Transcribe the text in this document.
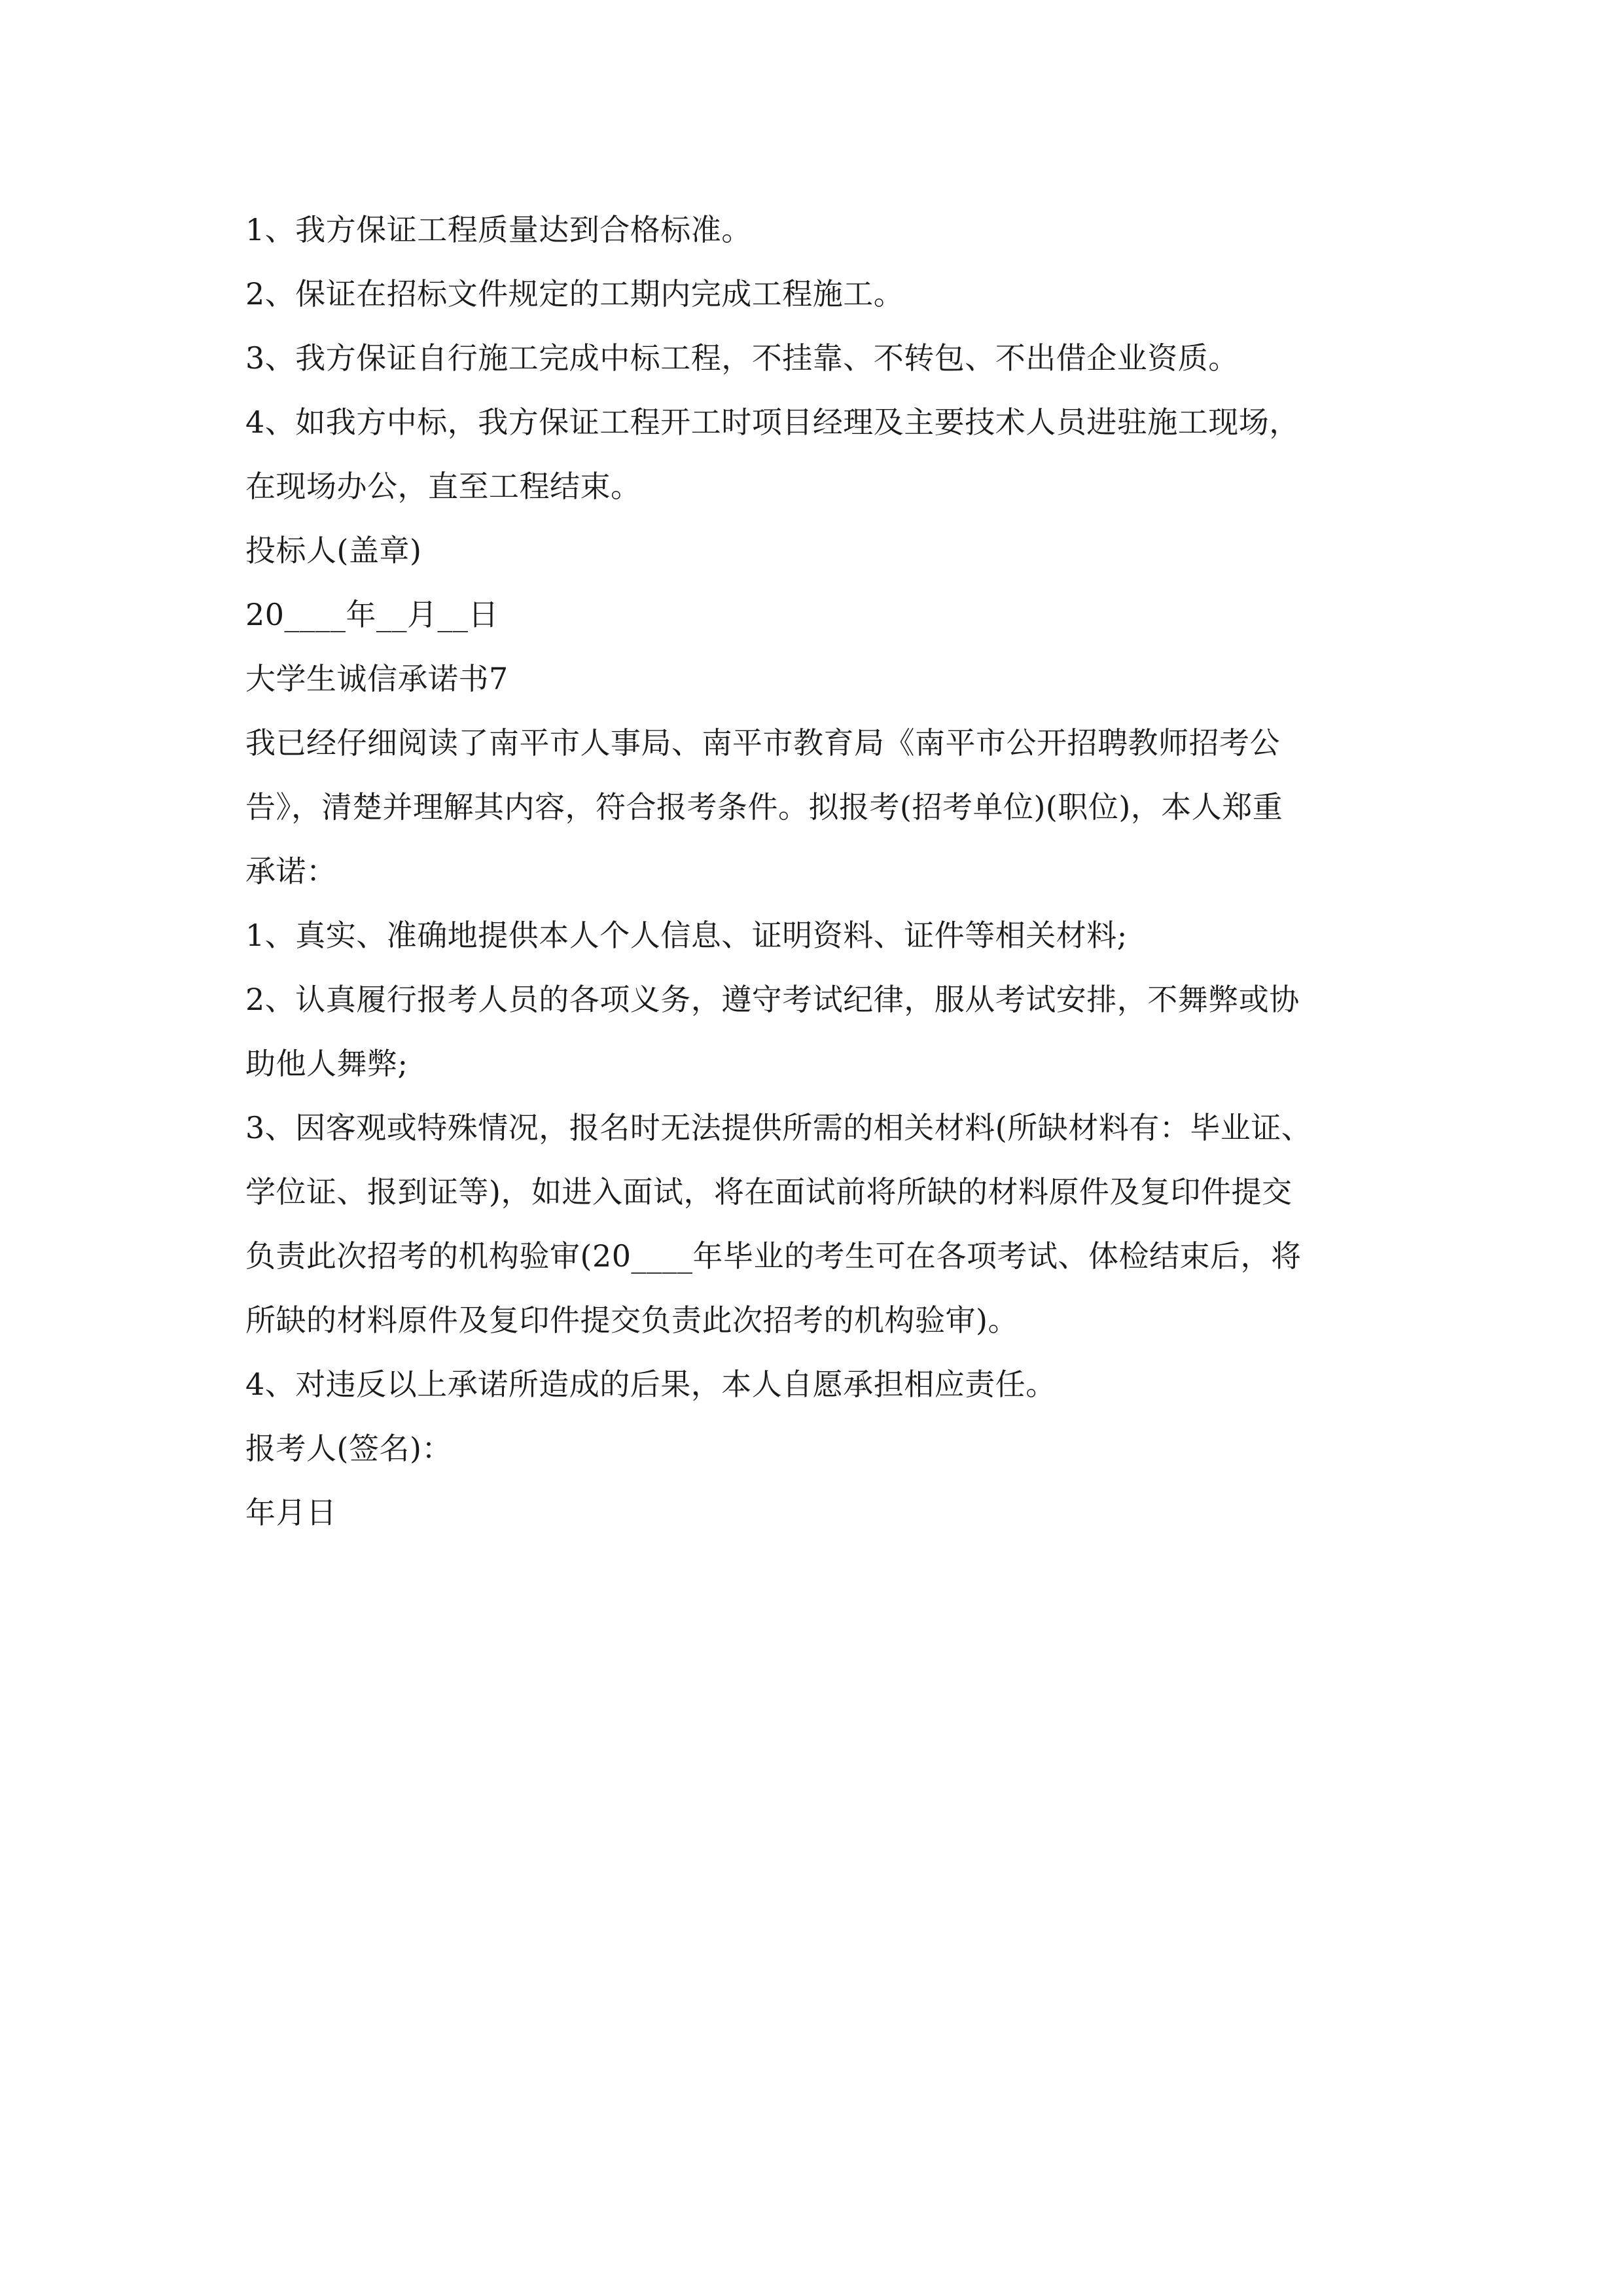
1、我方保证工程质量达到合格标准。
2、保证在招标文件规定的工期内完成工程施工。
3、我方保证自行施工完成中标工程，不挂靠、不转包、不出借企业资质。
4、如我方中标，我方保证工程开工时项目经理及主要技术人员进驻施工现场，
在现场办公，直至工程结束。
投标人(盖章)
20____年__月__日
大学生诚信承诺书7
我已经仔细阅读了南平市人事局、南平市教育局《南平市公开招聘教师招考公
告》，清楚并理解其内容，符合报考条件。拟报考(招考单位)(职位)，本人郑重
承诺：
1、真实、准确地提供本人个人信息、证明资料、证件等相关材料;
2、认真履行报考人员的各项义务，遵守考试纪律，服从考试安排，不舞弊或协
助他人舞弊;
3、因客观或特殊情况，报名时无法提供所需的相关材料(所缺材料有：毕业证、
学位证、报到证等)，如进入面试，将在面试前将所缺的材料原件及复印件提交
负责此次招考的机构验审(20____年毕业的考生可在各项考试、体检结束后，将
所缺的材料原件及复印件提交负责此次招考的机构验审)。
4、对违反以上承诺所造成的后果，本人自愿承担相应责任。
报考人(签名)：
年月日
